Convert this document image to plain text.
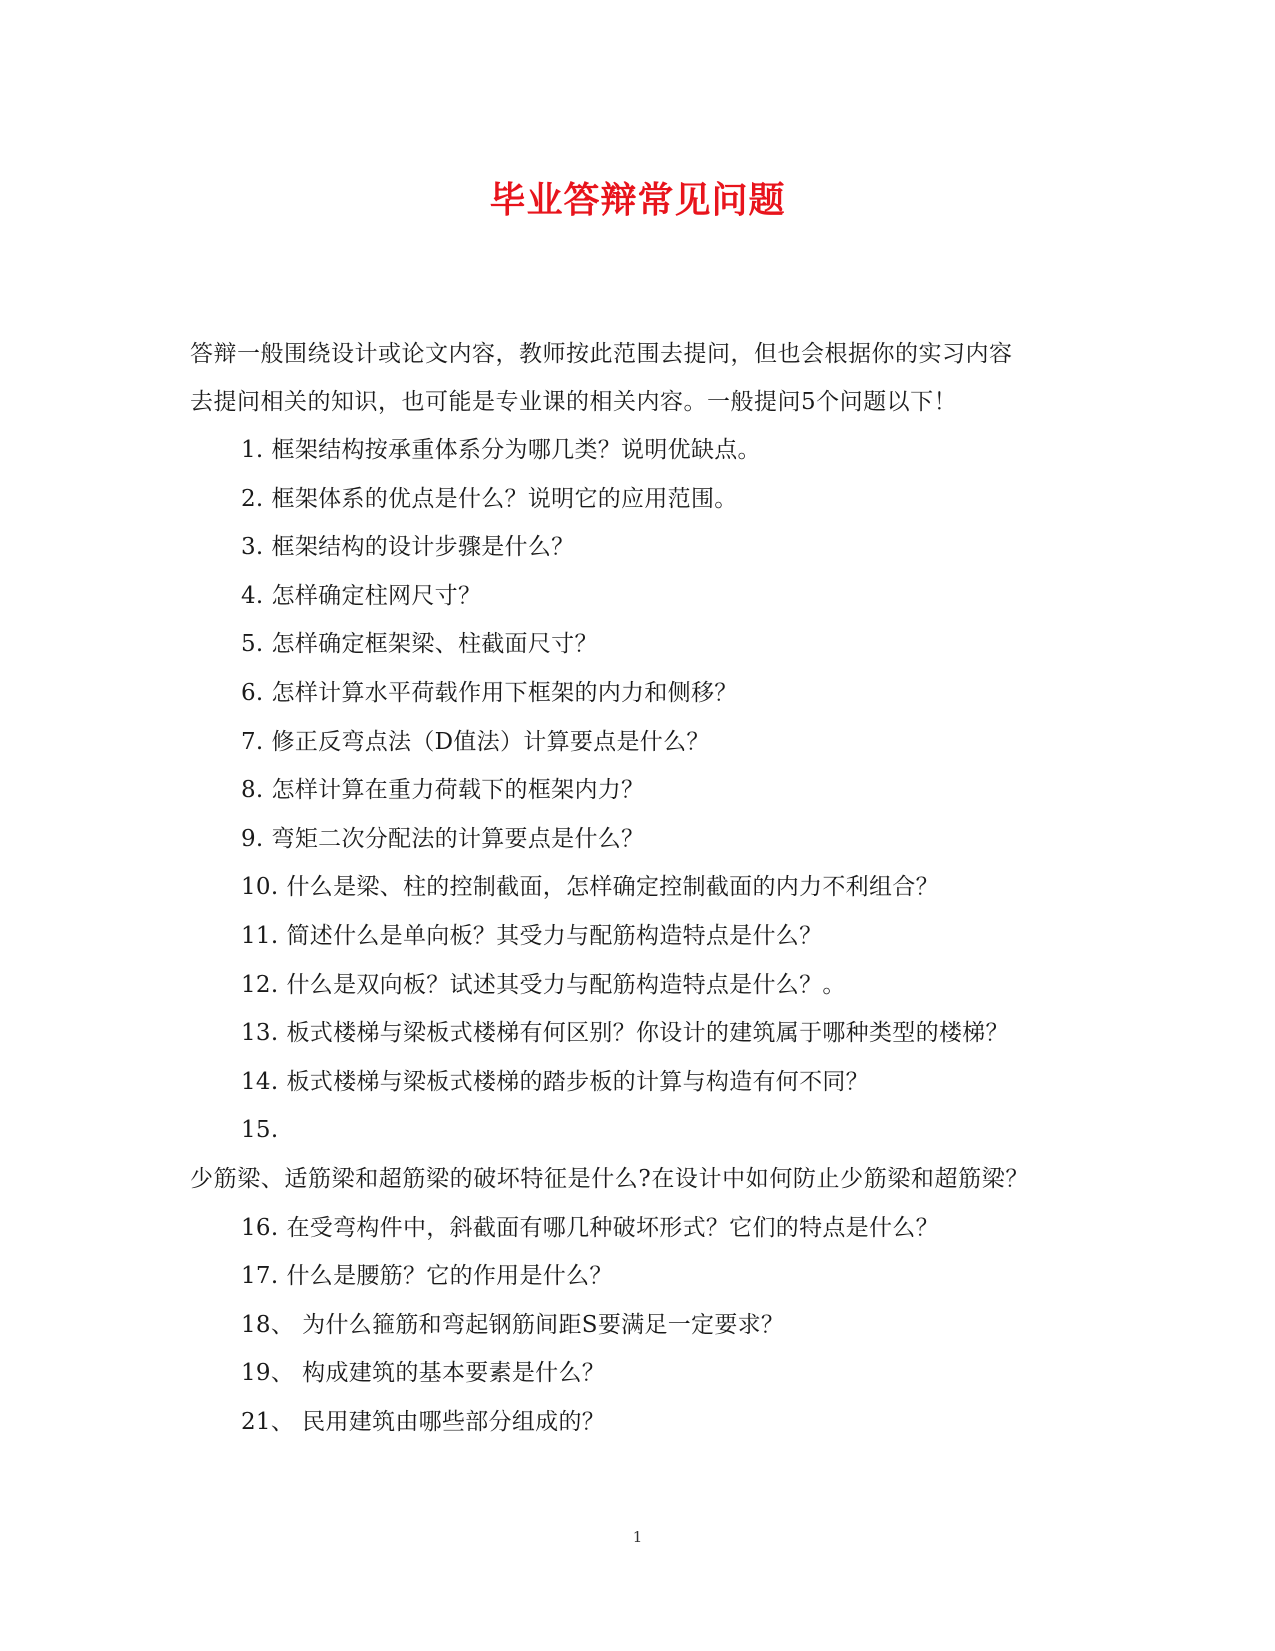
毕业答辩常见问题

答辩一般围绕设计或论文内容，教师按此范围去提问，但也会根据你的实习内容

去提问相关的知识，也可能是专业课的相关内容。一般提问5个问题以下！

1. 框架结构按承重体系分为哪几类？说明优缺点。
2. 框架体系的优点是什么？说明它的应用范围。
3. 框架结构的设计步骤是什么？
4. 怎样确定柱网尺寸？
5. 怎样确定框架梁、柱截面尺寸？
6. 怎样计算水平荷载作用下框架的内力和侧移？
7. 修正反弯点法（D值法）计算要点是什么？
8. 怎样计算在重力荷载下的框架内力？
9. 弯矩二次分配法的计算要点是什么？
10. 什么是梁、柱的控制截面，怎样确定控制截面的内力不利组合？
11. 简述什么是单向板？其受力与配筋构造特点是什么？
12. 什么是双向板？试述其受力与配筋构造特点是什么？。
13. 板式楼梯与梁板式楼梯有何区别？你设计的建筑属于哪种类型的楼梯？
14. 板式楼梯与梁板式楼梯的踏步板的计算与构造有何不同？
15.
少筋梁、适筋梁和超筋梁的破坏特征是什么?在设计中如何防止少筋梁和超筋梁？
16. 在受弯构件中，斜截面有哪几种破坏形式？它们的特点是什么？
17. 什么是腰筋？它的作用是什么？
18、 为什么箍筋和弯起钢筋间距S要满足一定要求？
19、 构成建筑的基本要素是什么？
21、 民用建筑由哪些部分组成的？
1
